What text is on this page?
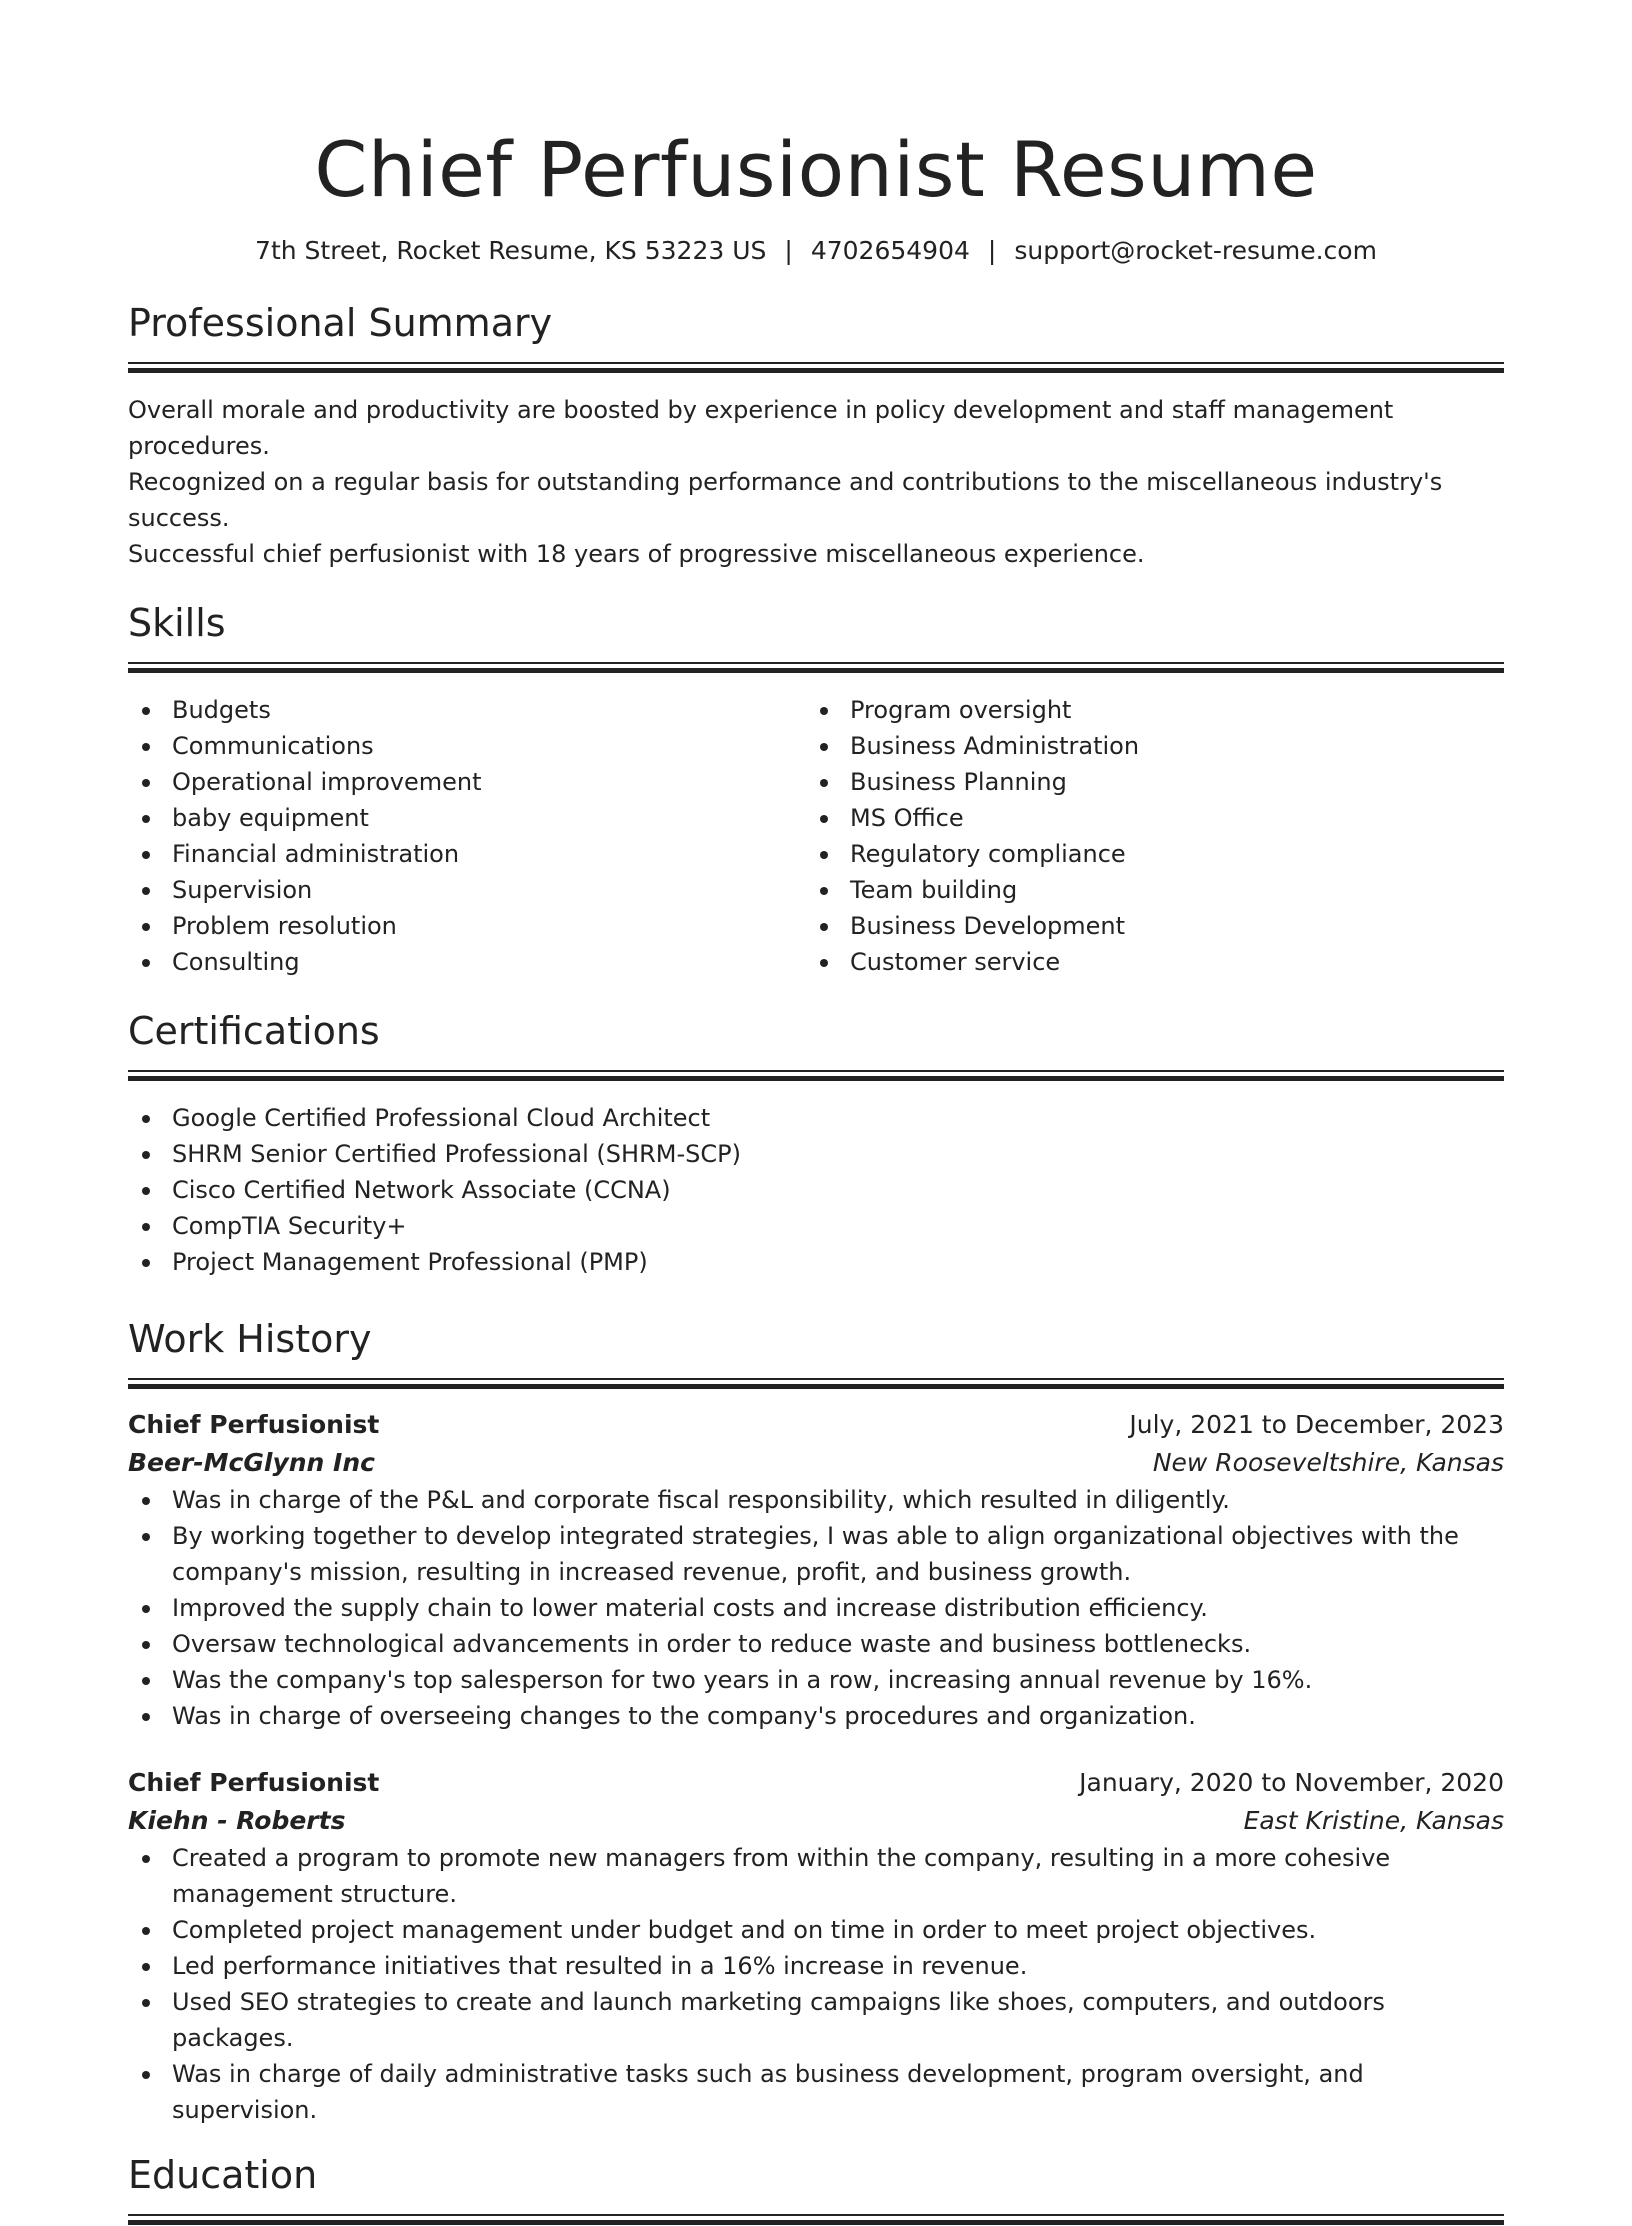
Chief Perfusionist Resume
7th Street, Rocket Resume, KS 53223 US | 4702654904 | support@rocket-resume.com
Professional Summary

Overall morale and productivity are boosted by experience in policy development and staff management procedures.

Recognized on a regular basis for outstanding performance and contributions to the miscellaneous industry's success.

Successful chief perfusionist with 18 years of progressive miscellaneous experience.

Skills
Budgets
Communications
Operational improvement
baby equipment
Financial administration
Supervision
Problem resolution
Consulting
Program oversight
Business Administration
Business Planning
MS Office
Regulatory compliance
Team building
Business Development
Customer service
Certifications
Google Certified Professional Cloud Architect
SHRM Senior Certified Professional (SHRM-SCP)
Cisco Certified Network Associate (CCNA)
CompTIA Security+
Project Management Professional (PMP)
Work History
Chief Perfusionist	July, 2021 to December, 2023
Beer-McGlynn Inc	New Rooseveltshire, Kansas
Was in charge of the P&L and corporate fiscal responsibility, which resulted in diligently.
By working together to develop integrated strategies, I was able to align organizational objectives with the company's mission, resulting in increased revenue, profit, and business growth.
Improved the supply chain to lower material costs and increase distribution efficiency.
Oversaw technological advancements in order to reduce waste and business bottlenecks.
Was the company's top salesperson for two years in a row, increasing annual revenue by 16%.
Was in charge of overseeing changes to the company's procedures and organization.
Chief Perfusionist	January, 2020 to November, 2020
Kiehn - Roberts	East Kristine, Kansas
Created a program to promote new managers from within the company, resulting in a more cohesive management structure.
Completed project management under budget and on time in order to meet project objectives.
Led performance initiatives that resulted in a 16% increase in revenue.
Used SEO strategies to create and launch marketing campaigns like shoes, computers, and outdoors packages.
Was in charge of daily administrative tasks such as business development, program oversight, and supervision.
Education
